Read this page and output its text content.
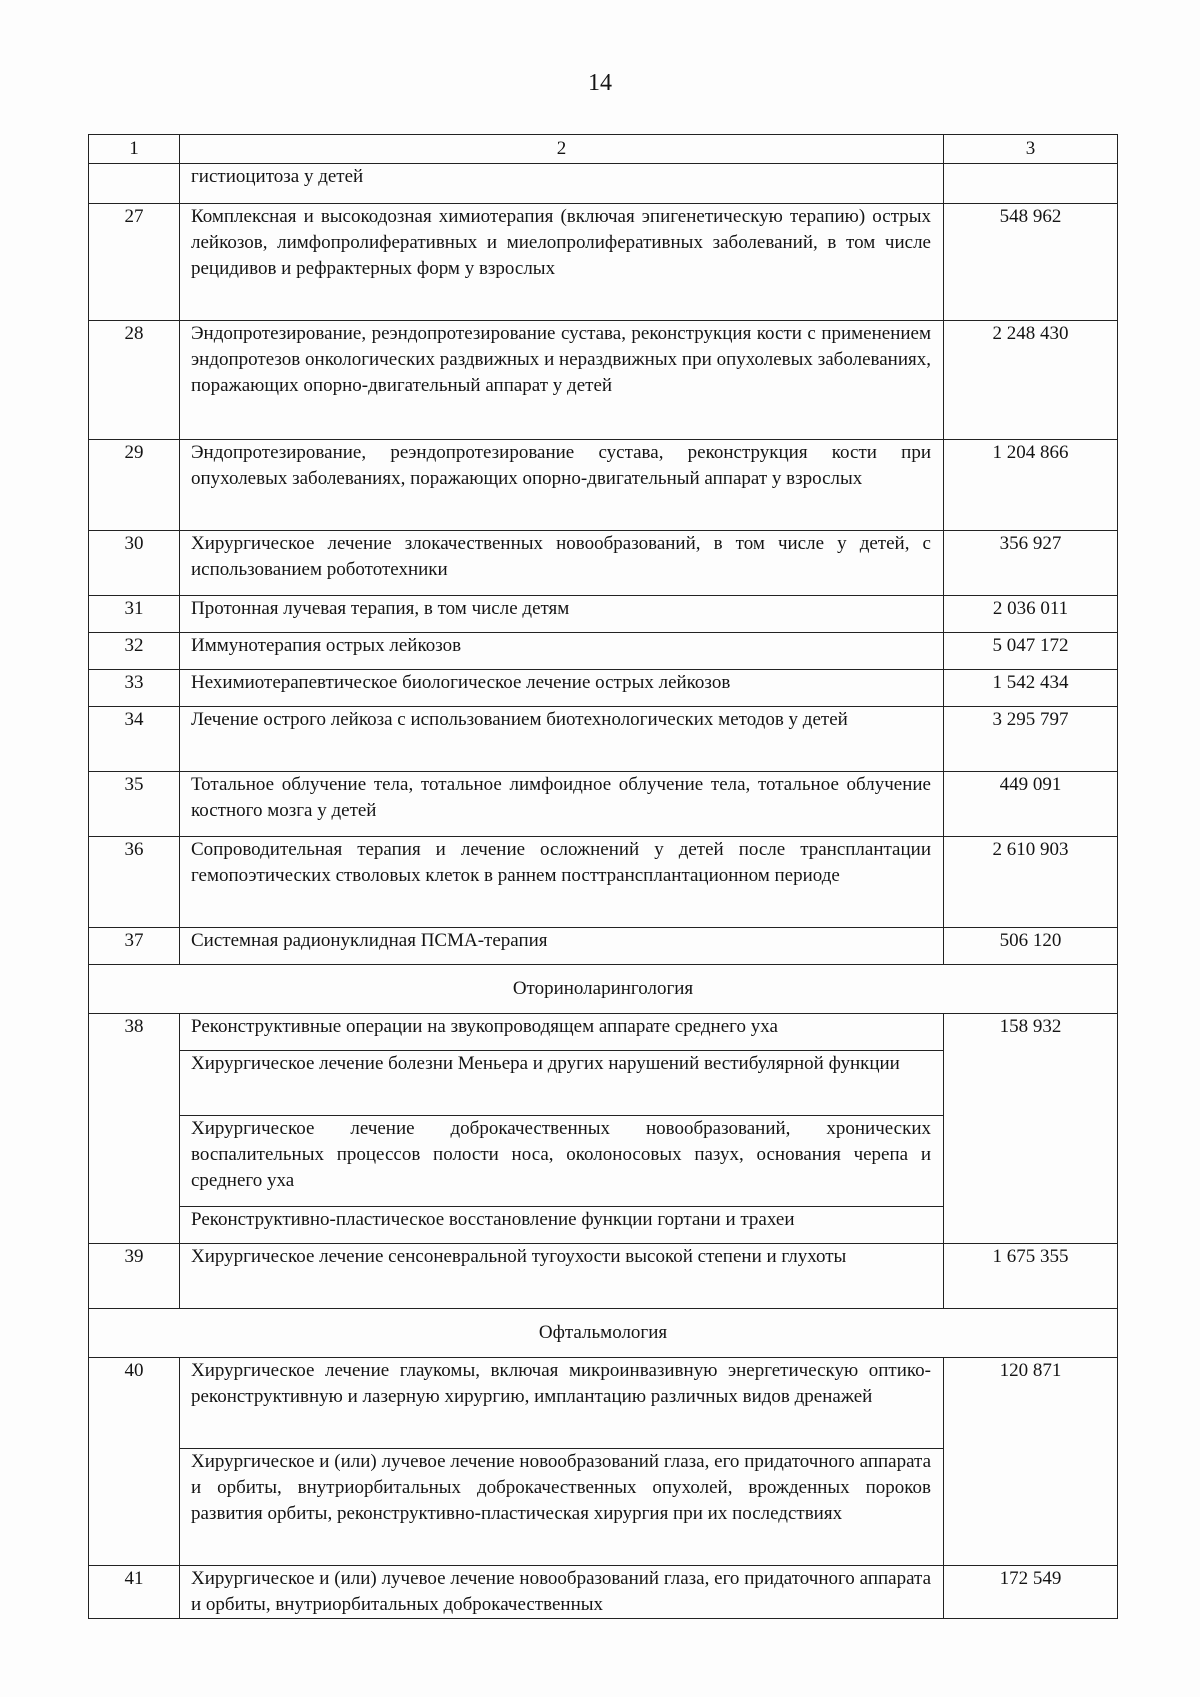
14
1	2	3
	гистиоцитоза у детей	
27	Комплексная и высокодозная химиотерапия (включая эпигенетическую терапию) острых лейкозов, лимфопролиферативных и миелопролиферативных заболеваний, в том числе рецидивов и рефрактерных форм у взрослых	548 962
28	Эндопротезирование, реэндопротезирование сустава, реконструкция кости с применением эндопротезов онкологических раздвижных и нераздвижных при опухолевых заболеваниях, поражающих опорно-двигательный аппарат у детей	2 248 430
29	Эндопротезирование, реэндопротезирование сустава, реконструкция кости при опухолевых заболеваниях, поражающих опорно-двигательный аппарат у взрослых	1 204 866
30	Хирургическое лечение злокачественных новообразований, в том числе у детей, с использованием робототехники	356 927
31	Протонная лучевая терапия, в том числе детям	2 036 011
32	Иммунотерапия острых лейкозов	5 047 172
33	Нехимиотерапевтическое биологическое лечение острых лейкозов	1 542 434
34	Лечение острого лейкоза с использованием биотехнологических методов у детей	3 295 797
35	Тотальное облучение тела, тотальное лимфоидное облучение тела, тотальное облучение костного мозга у детей	449 091
36	Сопроводительная терапия и лечение осложнений у детей после трансплантации гемопоэтических стволовых клеток в раннем посттрансплантационном периоде	2 610 903
37	Системная радионуклидная ПСМА-терапия	506 120
Оториноларингология		
38	Реконструктивные операции на звукопроводящем аппарате среднего уха	158 932
	Хирургическое лечение болезни Меньера и других нарушений вестибулярной функции	
	Хирургическое лечение доброкачественных новообразований, хронических воспалительных процессов полости носа, околоносовых пазух, основания черепа и среднего уха	
	Реконструктивно-пластическое восстановление функции гортани и трахеи	
39	Хирургическое лечение сенсоневральной тугоухости высокой степени и глухоты	1 675 355
Офтальмология		
40	Хирургическое лечение глаукомы, включая микроинвазивную энергетическую оптико-реконструктивную и лазерную хирургию, имплантацию различных видов дренажей	120 871
	Хирургическое и (или) лучевое лечение новообразований глаза, его придаточного аппарата и орбиты, внутриорбитальных доброкачественных опухолей, врожденных пороков развития орбиты, реконструктивно-пластическая хирургия при их последствиях	
41	Хирургическое и (или) лучевое лечение новообразований глаза, его придаточного аппарата и орбиты, внутриорбитальных доброкачественных	172 549
